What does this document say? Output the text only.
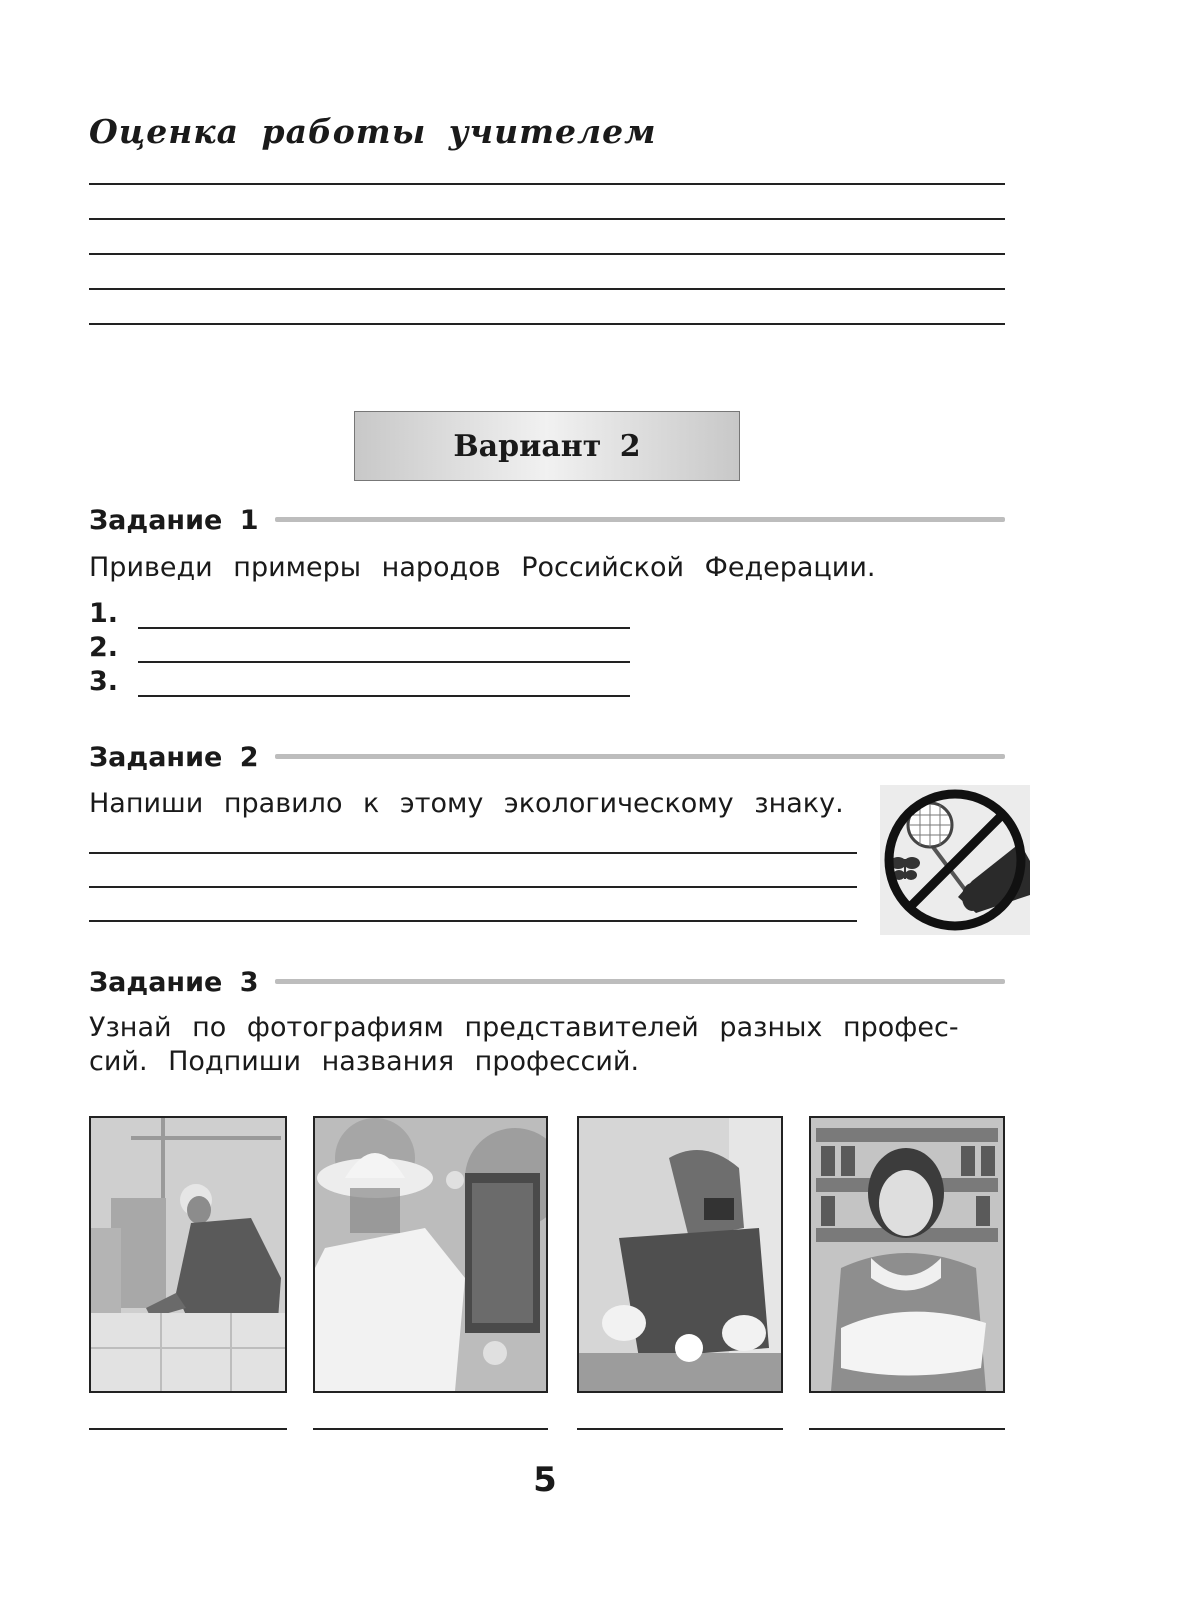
Оценка работы учителем
Вариант 2
Задание 1
Приведи примеры народов Российской Федерации.
1.
2.
3.
Задание 2
Напиши правило к этому экологическому знаку.
Задание 3
Узнай по фотографиям представителей разных профес-
сий. Подпиши названия профессий.
5
